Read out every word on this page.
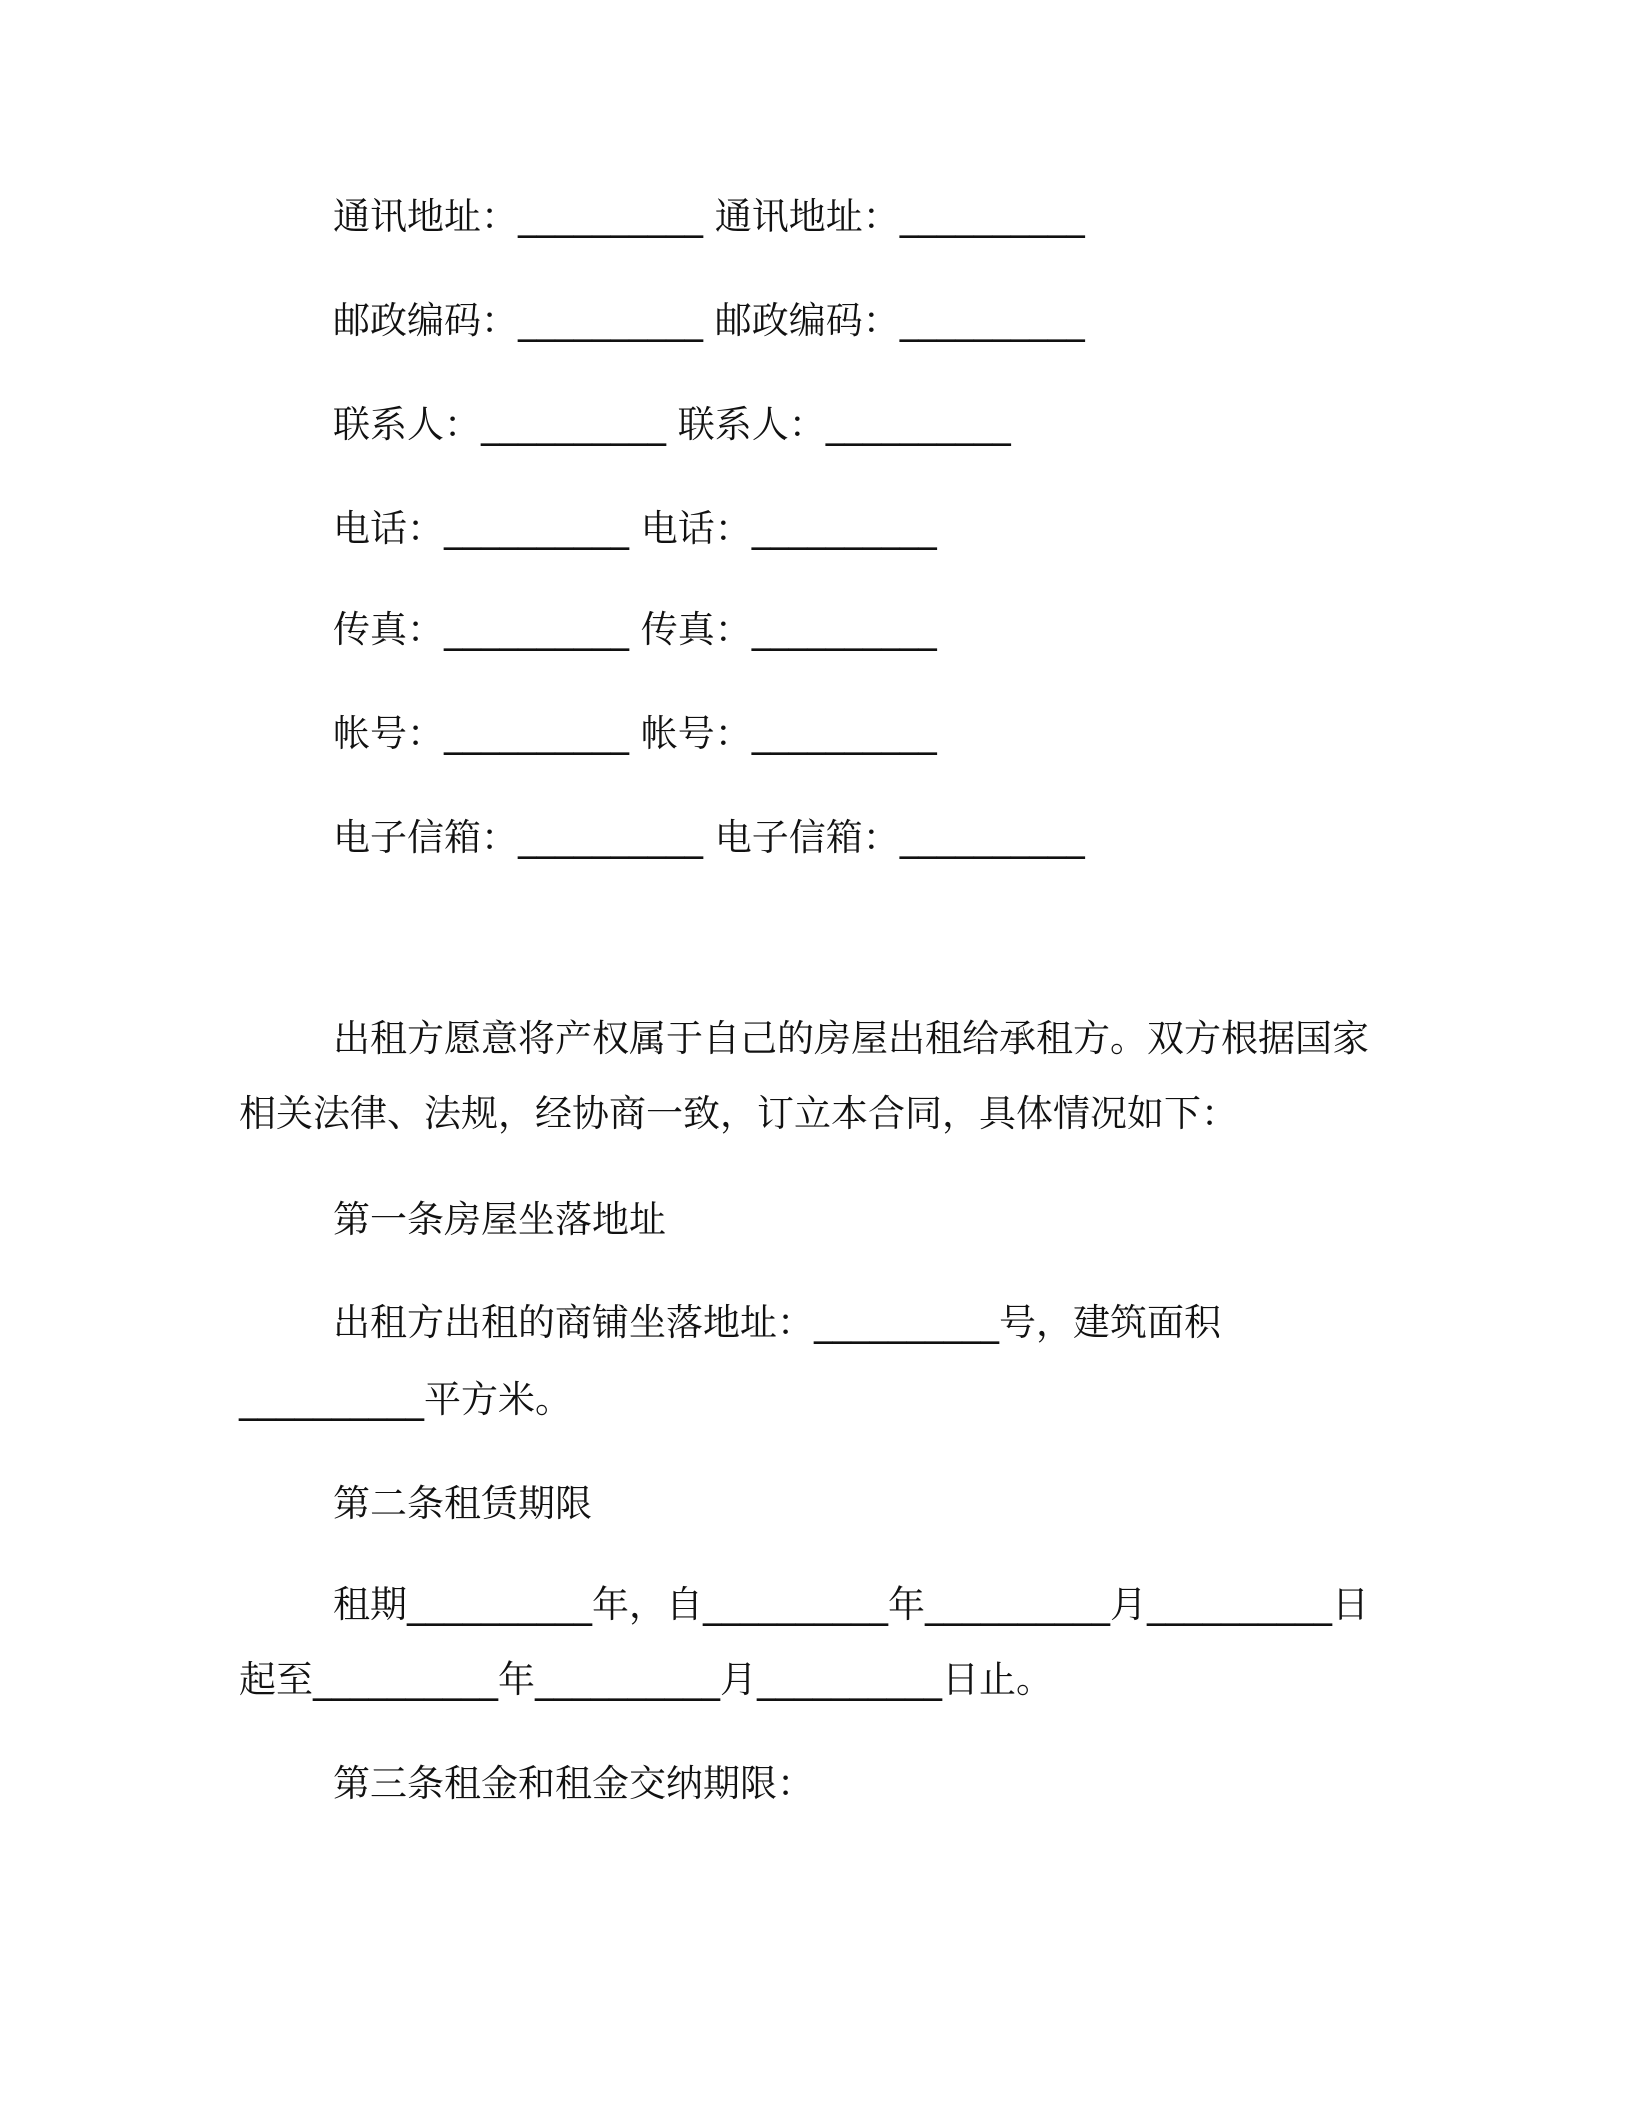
通讯地址：__________ 通讯地址：__________
邮政编码：__________ 邮政编码：__________
联系人：__________ 联系人：__________
电话：__________ 电话：__________
传真：__________ 传真：__________
帐号：__________ 帐号：__________
电子信箱：__________ 电子信箱：__________
出租方愿意将产权属于自己的房屋出租给承租方。双方根据国家
相关法律、法规，经协商一致，订立本合同，具体情况如下：
第一条房屋坐落地址
出租方出租的商铺坐落地址：__________号，建筑面积
__________平方米。
第二条租赁期限
租期__________年，自__________年__________月__________日
起至__________年__________月__________日止。
第三条租金和租金交纳期限：
